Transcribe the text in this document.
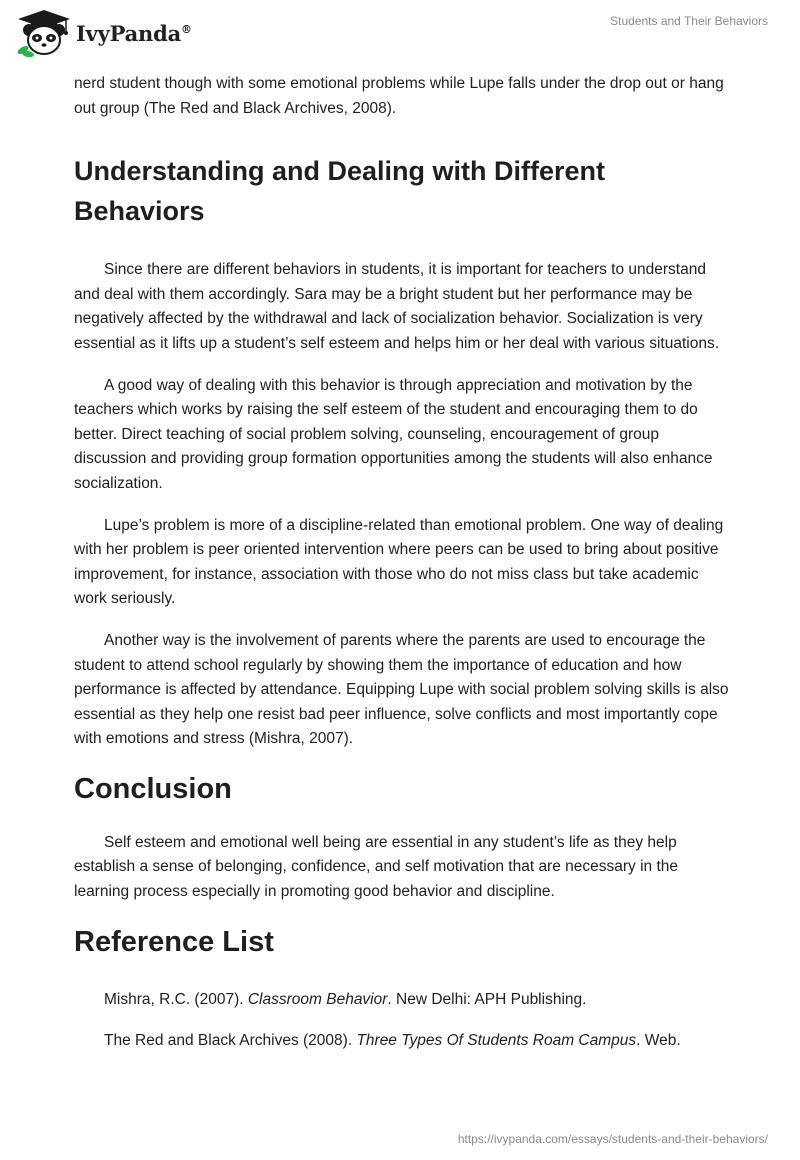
IvyPanda®
Students and Their Behaviors

nerd student though with some emotional problems while Lupe falls under the drop out or hang out group (The Red and Black Archives, 2008).

Understanding and Dealing with Different Behaviors

Since there are different behaviors in students, it is important for teachers to understand and deal with them accordingly. Sara may be a bright student but her performance may be negatively affected by the withdrawal and lack of socialization behavior. Socialization is very essential as it lifts up a student’s self esteem and helps him or her deal with various situations.

A good way of dealing with this behavior is through appreciation and motivation by the teachers which works by raising the self esteem of the student and encouraging them to do better. Direct teaching of social problem solving, counseling, encouragement of group discussion and providing group formation opportunities among the students will also enhance socialization.

Lupe’s problem is more of a discipline-related than emotional problem. One way of dealing with her problem is peer oriented intervention where peers can be used to bring about positive improvement, for instance, association with those who do not miss class but take academic work seriously.

Another way is the involvement of parents where the parents are used to encourage the student to attend school regularly by showing them the importance of education and how performance is affected by attendance. Equipping Lupe with social problem solving skills is also essential as they help one resist bad peer influence, solve conflicts and most importantly cope with emotions and stress (Mishra, 2007).

Conclusion

Self esteem and emotional well being are essential in any student’s life as they help establish a sense of belonging, confidence, and self motivation that are necessary in the learning process especially in promoting good behavior and discipline.

Reference List

Mishra, R.C. (2007). Classroom Behavior. New Delhi: APH Publishing.

The Red and Black Archives (2008). Three Types Of Students Roam Campus. Web.

https://ivypanda.com/essays/students-and-their-behaviors/
